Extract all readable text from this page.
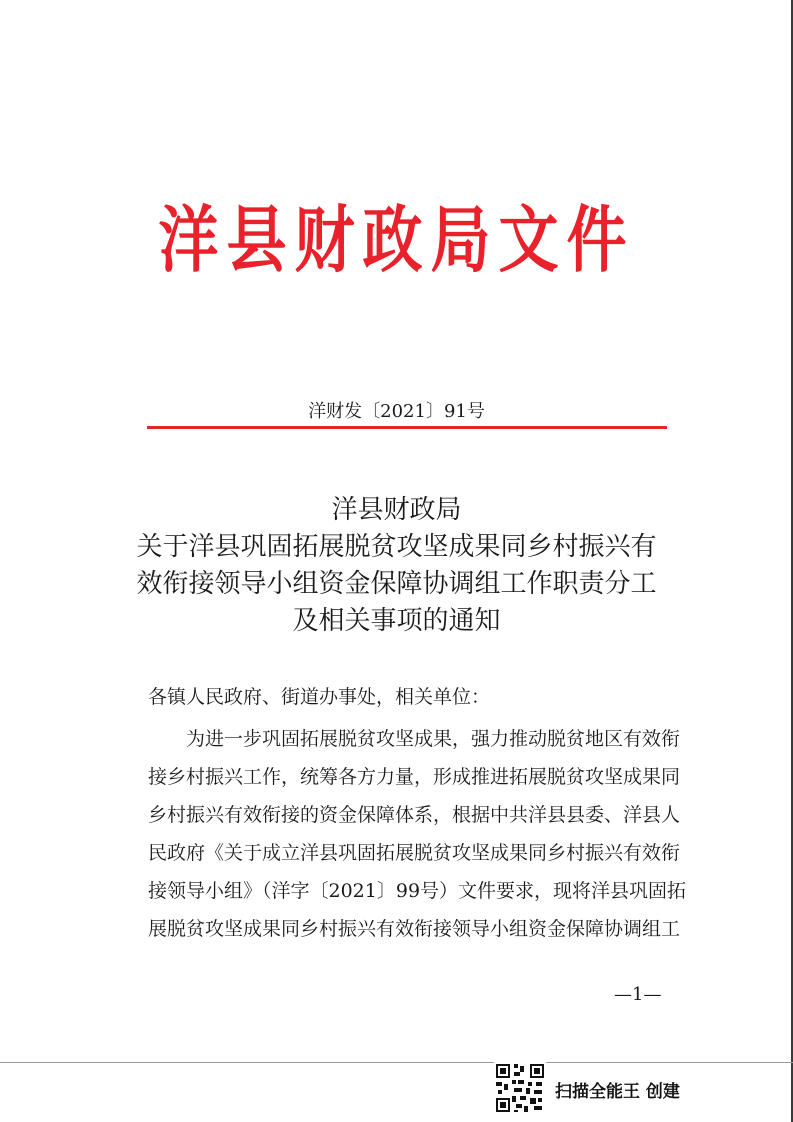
洋县财政局文件
洋财发〔2021〕91号
洋县财政局
关于洋县巩固拓展脱贫攻坚成果同乡村振兴有
效衔接领导小组资金保障协调组工作职责分工
及相关事项的通知
各镇人民政府、街道办事处，相关单位：
　　为进一步巩固拓展脱贫攻坚成果，强力推动脱贫地区有效衔
接乡村振兴工作，统筹各方力量，形成推进拓展脱贫攻坚成果同
乡村振兴有效衔接的资金保障体系，根据中共洋县县委、洋县人
民政府《关于成立洋县巩固拓展脱贫攻坚成果同乡村振兴有效衔
接领导小组》（洋字〔2021〕99号）文件要求，现将洋县巩固拓
展脱贫攻坚成果同乡村振兴有效衔接领导小组资金保障协调组工
—1—
扫描全能王 创建
